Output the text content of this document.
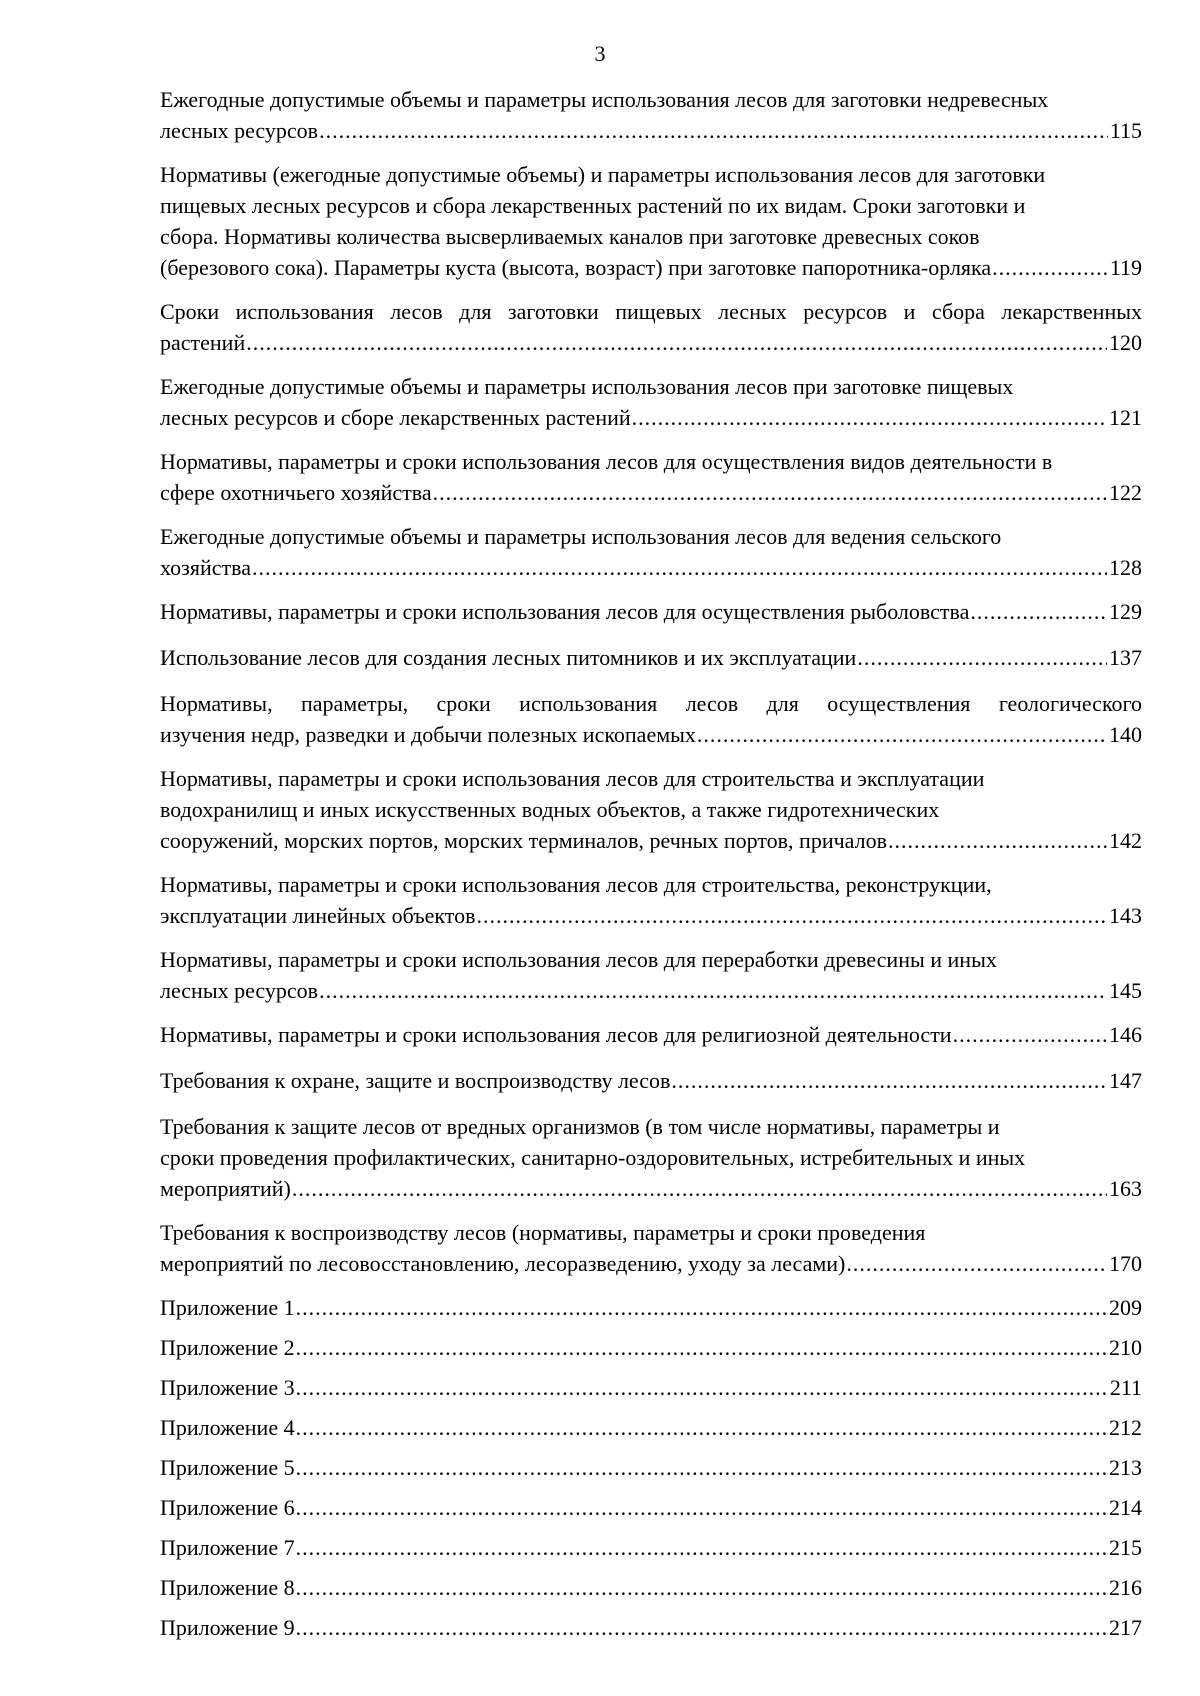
3
Ежегодные допустимые объемы и параметры использования лесов для заготовки недревесных
лесных ресурсов .....	115
Нормативы (ежегодные допустимые объемы) и параметры использования лесов для заготовки
пищевых лесных ресурсов и сбора лекарственных растений по их видам. Сроки заготовки и
сбора. Нормативы количества высверливаемых каналов при заготовке древесных соков
(березового сока). Параметры куста (высота, возраст) при заготовке папоротника-орляка .....	119
Сроки использования лесов для заготовки пищевых лесных ресурсов и сбора лекарственных
растений .....	120
Ежегодные допустимые объемы и параметры использования лесов при заготовке пищевых
лесных ресурсов и сборе лекарственных растений .....	121
Нормативы, параметры и сроки использования лесов для осуществления видов деятельности в
сфере охотничьего хозяйства .....	122
Ежегодные допустимые объемы и параметры использования лесов для ведения сельского
хозяйства .....	128
Нормативы, параметры и сроки использования лесов для осуществления рыболовства .....	129
Использование лесов для создания лесных питомников и их эксплуатации .....	137
Нормативы, параметры, сроки использования лесов для осуществления геологического
изучения недр, разведки и добычи полезных ископаемых .....	140
Нормативы, параметры и сроки использования лесов для строительства и эксплуатации
водохранилищ и иных искусственных водных объектов, а также гидротехнических
сооружений, морских портов, морских терминалов, речных портов, причалов .....	142
Нормативы, параметры и сроки использования лесов для строительства, реконструкции,
эксплуатации линейных объектов .....	143
Нормативы, параметры и сроки использования лесов для переработки древесины и иных
лесных ресурсов .....	145
Нормативы, параметры и сроки использования лесов для религиозной деятельности .....	146
Требования к охране, защите и воспроизводству лесов .....	147
Требования к защите лесов от вредных организмов (в том числе нормативы, параметры и
сроки проведения профилактических, санитарно-оздоровительных, истребительных и иных
мероприятий) .....	163
Требования к воспроизводству лесов (нормативы, параметры и сроки проведения
мероприятий по лесовосстановлению, лесоразведению, уходу за лесами) .....	170
Приложение 1 .....	209
Приложение 2 .....	210
Приложение 3 .....	211
Приложение 4 .....	212
Приложение 5 .....	213
Приложение 6 .....	214
Приложение 7 .....	215
Приложение 8 .....	216
Приложение 9 .....	217
